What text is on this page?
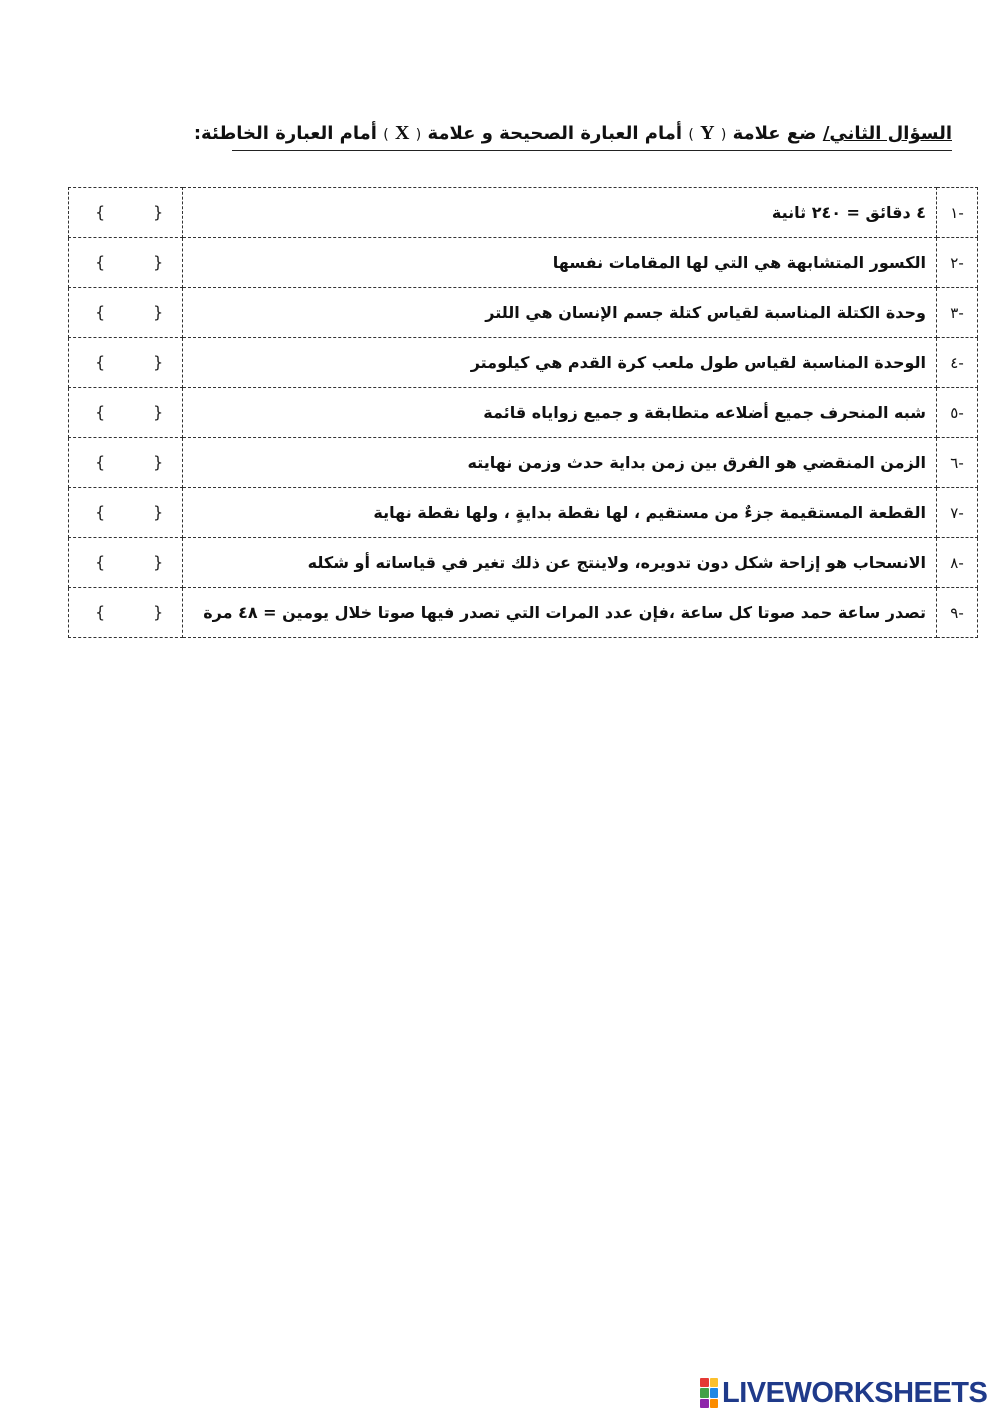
السؤال الثاني/ ضع علامة ( Y ) أمام العبارة الصحيحة و علامة ( X ) أمام العبارة الخاطئة:
{ }	٤ دقائق = ٢٤٠ ثانية	-١

{ }	الكسور المتشابهة هي التي لها المقامات نفسها	-٢

{ }	وحدة الكتلة المناسبة لقياس كتلة جسم الإنسان هي اللتر	-٣

{ }	الوحدة المناسبة لقياس طول ملعب كرة القدم هي كيلومتر	-٤

{ }	شبه المنحرف جميع أضلاعه متطابقة و جميع زواياه قائمة	-٥

{ }	الزمن المنقضي هو الفرق بين زمن بداية حدث وزمن نهايته	-٦

{ }	القطعة المستقيمة جزءٌ من مستقيم ، لها نقطة بدايةٍ ، ولها نقطة نهاية	-٧

{ }	الانسحاب هو إزاحة شكل دون تدويره، ولاينتج عن ذلك تغير في قياساته أو شكله	-٨

{ }	تصدر ساعة حمد صوتا كل ساعة ،فإن عدد المرات التي تصدر فيها صوتا خلال يومين = ٤٨ مرة	-٩
LIVEWORKSHEETS
